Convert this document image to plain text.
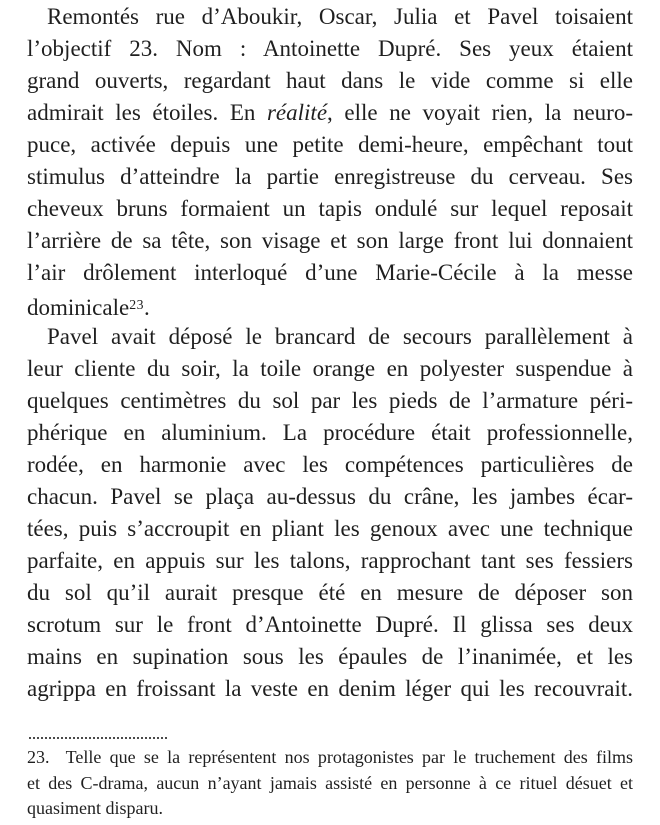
Remontés rue d’Aboukir, Oscar, Julia et Pavel toisaient
l’objectif 23. Nom : Antoinette Dupré. Ses yeux étaient
grand ouverts, regardant haut dans le vide comme si elle
admirait les étoiles. En réalité, elle ne voyait rien, la neuro-
puce, activée depuis une petite demi-heure, empêchant tout
stimulus d’atteindre la partie enregistreuse du cerveau. Ses
cheveux bruns formaient un tapis ondulé sur lequel reposait
l’arrière de sa tête, son visage et son large front lui donnaient
l’air drôlement interloqué d’une Marie-Cécile à la messe
dominicale$^{23}$.
Pavel avait déposé le brancard de secours parallèlement à
leur cliente du soir, la toile orange en polyester suspendue à
quelques centimètres du sol par les pieds de l’armature péri-
phérique en aluminium. La procédure était professionnelle,
rodée, en harmonie avec les compétences particulières de
chacun. Pavel se plaça au-dessus du crâne, les jambes écar-
tées, puis s’accroupit en pliant les genoux avec une technique
parfaite, en appuis sur les talons, rapprochant tant ses fessiers
du sol qu’il aurait presque été en mesure de déposer son
scrotum sur le front d’Antoinette Dupré. Il glissa ses deux
mains en supination sous les épaules de l’inanimée, et les
agrippa en froissant la veste en denim léger qui les recouvrait.
23.  Telle que se la représentent nos protagonistes par le truchement des films
et des C-drama, aucun n’ayant jamais assisté en personne à ce rituel désuet et
quasiment disparu.
